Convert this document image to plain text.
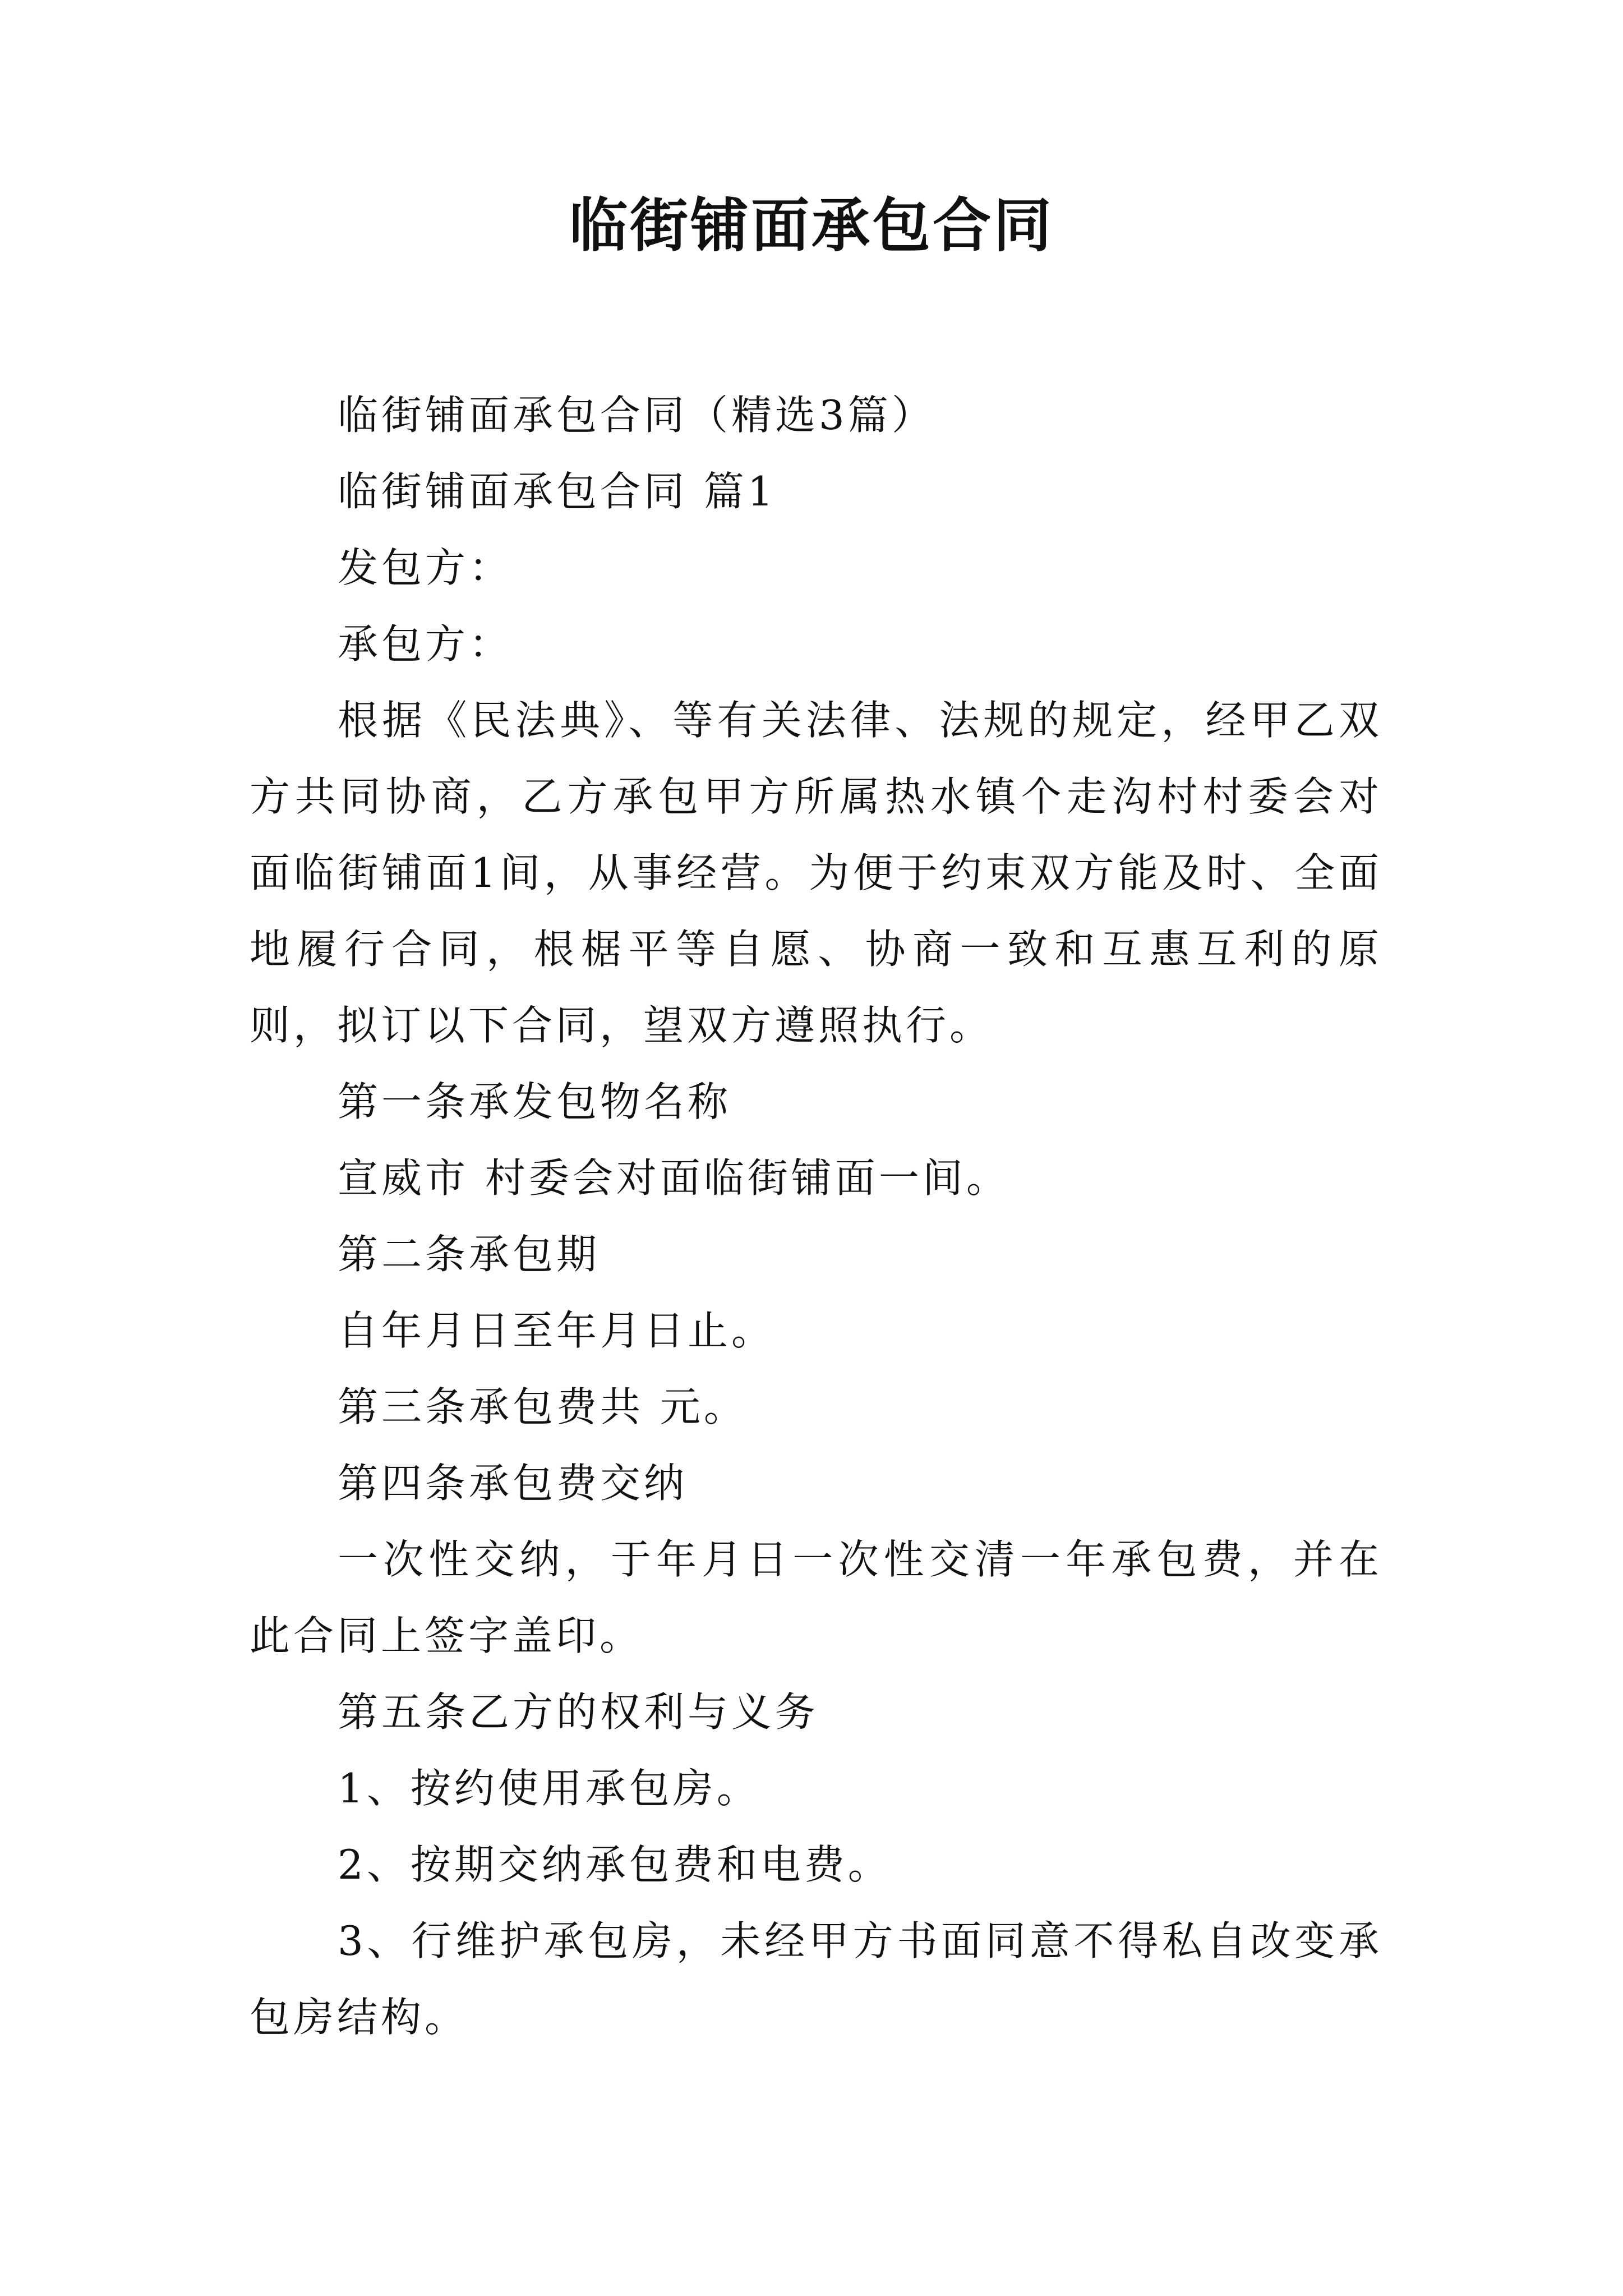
临街铺面承包合同

临街铺面承包合同（精选3篇）

临街铺面承包合同 篇1

发包方：

承包方：

根据《民法典》、等有关法律、法规的规定，经甲乙双方共同协商，乙方承包甲方所属热水镇个走沟村村委会对面临街铺面1间，从事经营。为便于约束双方能及时、全面地履行合同，根椐平等自愿、协商一致和互惠互利的原则，拟订以下合同，望双方遵照执行。

第一条承发包物名称

宣威市 村委会对面临街铺面一间。

第二条承包期

自年月日至年月日止。

第三条承包费共 元。

第四条承包费交纳

一次性交纳，于年月日一次性交清一年承包费，并在此合同上签字盖印。

第五条乙方的权利与义务

1、按约使用承包房。

2、按期交纳承包费和电费。

3、行维护承包房，未经甲方书面同意不得私自改变承包房结构。
